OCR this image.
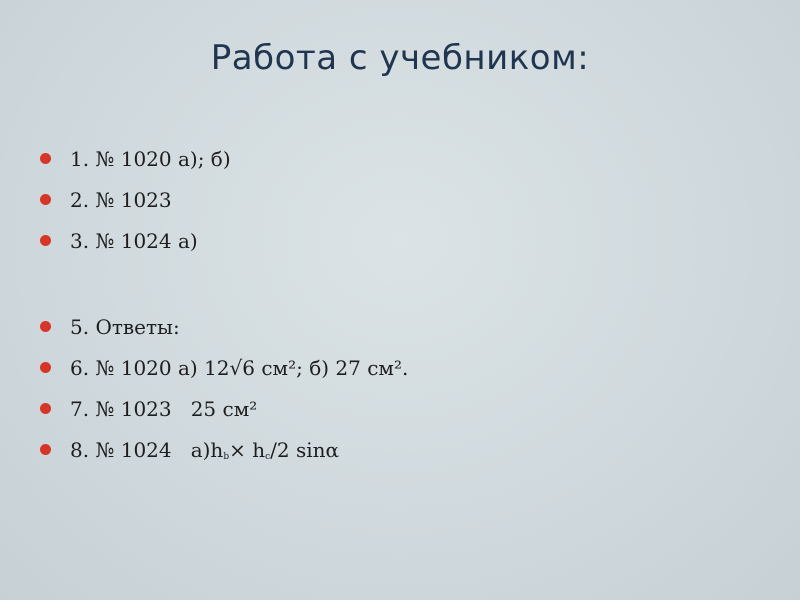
Работа с учебником:
1. № 1020 а); б)
2. № 1023
3. № 1024 а)
5. Ответы:
6. № 1020 а) 12√6 см²; б) 27 см².
7. № 1023   25 см²
8. № 1024   $а)h_b\times h_c/2$ sinα
